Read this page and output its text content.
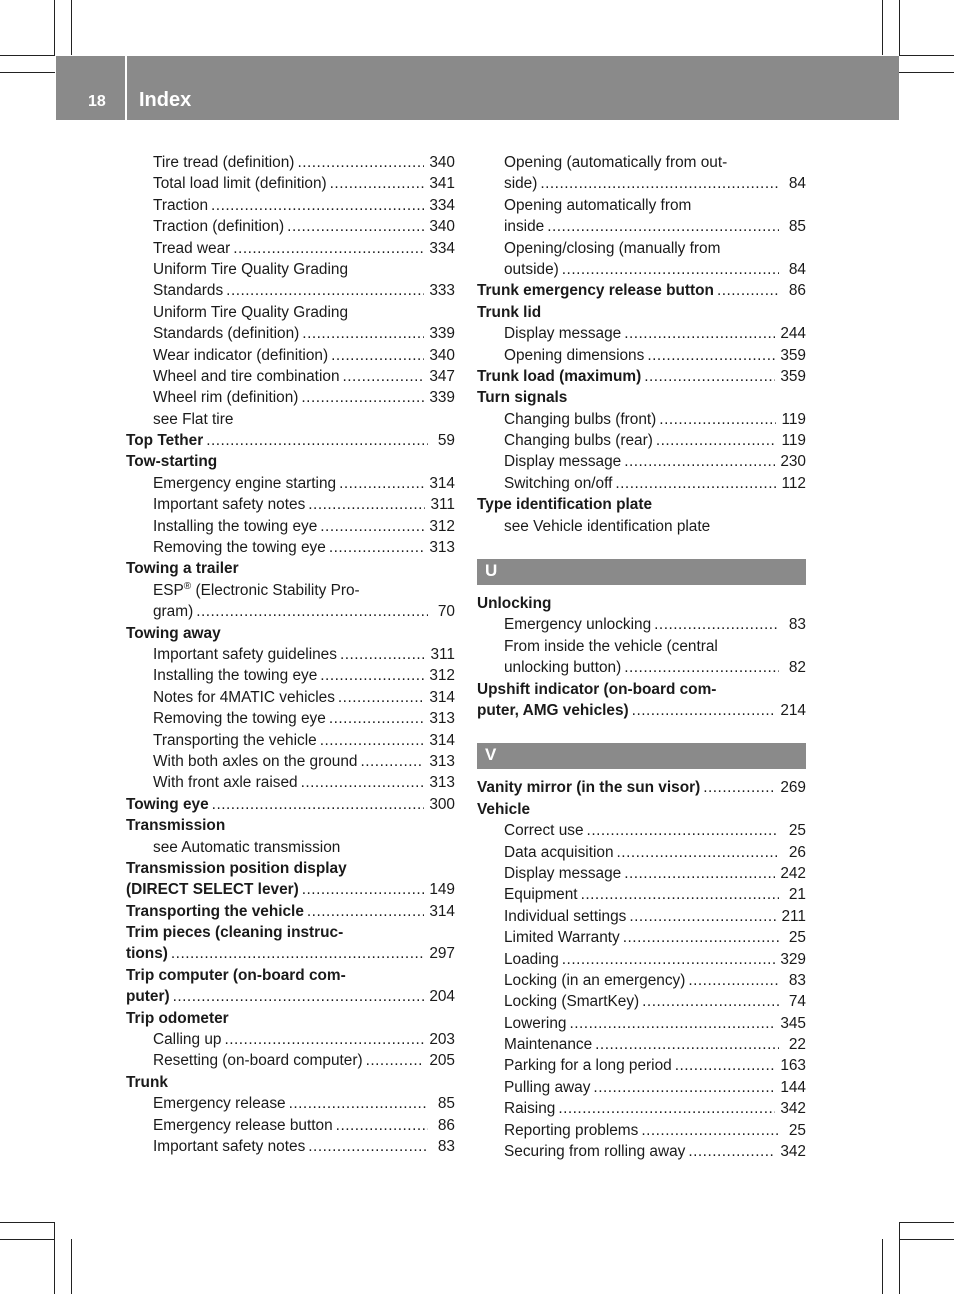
18 Index
Tire tread (definition) .....	340
Total load limit (definition) .....	341
Traction .....	334
Traction (definition) .....	340
Tread wear .....	334
Uniform Tire Quality Grading
Standards .....	333
Uniform Tire Quality Grading
Standards (definition) .....	339
Wear indicator (definition) .....	340
Wheel and tire combination .....	347
Wheel rim (definition) .....	339
see Flat tire
Top Tether .....	59
Tow-starting
Emergency engine starting .....	314
Important safety notes .....	311
Installing the towing eye .....	312
Removing the towing eye .....	313
Towing a trailer
ESP® (Electronic Stability Pro-
gram) .....	70
Towing away
Important safety guidelines .....	311
Installing the towing eye .....	312
Notes for 4MATIC vehicles .....	314
Removing the towing eye .....	313
Transporting the vehicle .....	314
With both axles on the ground .....	313
With front axle raised .....	313
Towing eye .....	300
Transmission
see Automatic transmission
Transmission position display
(DIRECT SELECT lever) .....	149
Transporting the vehicle .....	314
Trim pieces (cleaning instruc-
tions) .....	297
Trip computer (on-board com-
puter) .....	204
Trip odometer
Calling up .....	203
Resetting (on-board computer) .....	205
Trunk
Emergency release .....	85
Emergency release button .....	86
Important safety notes .....	83
Opening (automatically from out-
side) .....	84
Opening automatically from
inside .....	85
Opening/closing (manually from
outside) .....	84
Trunk emergency release button .....	86
Trunk lid
Display message .....	244
Opening dimensions .....	359
Trunk load (maximum) .....	359
Turn signals
Changing bulbs (front) .....	119
Changing bulbs (rear) .....	119
Display message .....	230
Switching on/off .....	112
Type identification plate
see Vehicle identification plate
U
Unlocking
Emergency unlocking .....	83
From inside the vehicle (central
unlocking button) .....	82
Upshift indicator (on-board com-
puter, AMG vehicles) .....	214
V
Vanity mirror (in the sun visor) .....	269
Vehicle
Correct use .....	25
Data acquisition .....	26
Display message .....	242
Equipment .....	21
Individual settings .....	211
Limited Warranty .....	25
Loading .....	329
Locking (in an emergency) .....	83
Locking (SmartKey) .....	74
Lowering .....	345
Maintenance .....	22
Parking for a long period .....	163
Pulling away .....	144
Raising .....	342
Reporting problems .....	25
Securing from rolling away .....	342
